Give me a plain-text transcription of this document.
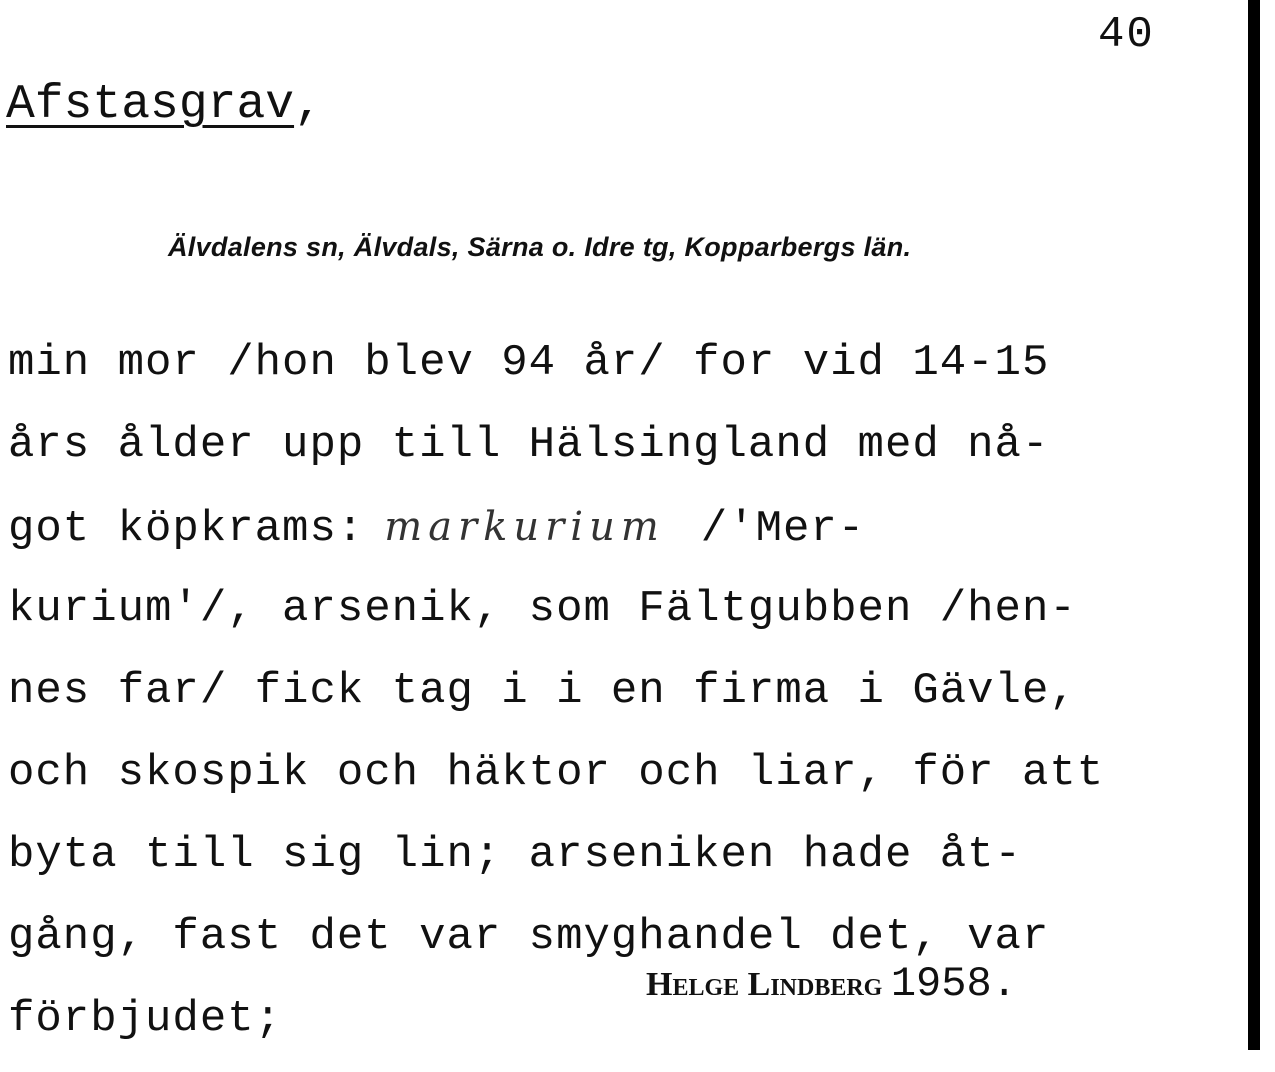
40
Afstasgrav,
Älvdalens sn, Älvdals, Särna o. Idre tg, Kopparbergs län.
min mor /hon blev 94 år/ for vid 14-15
års ålder upp till Hälsingland med nå-
got köpkrams: markurium /'Mer-
kurium'/, arsenik, som Fältgubben /hen-
nes far/ fick tag i i en firma i Gävle,
och skospik och häktor och liar, för att
byta till sig lin; arseniken hade åt-
gång, fast det var smyghandel det, var
förbjudet;
Helge Lindberg 1958.
